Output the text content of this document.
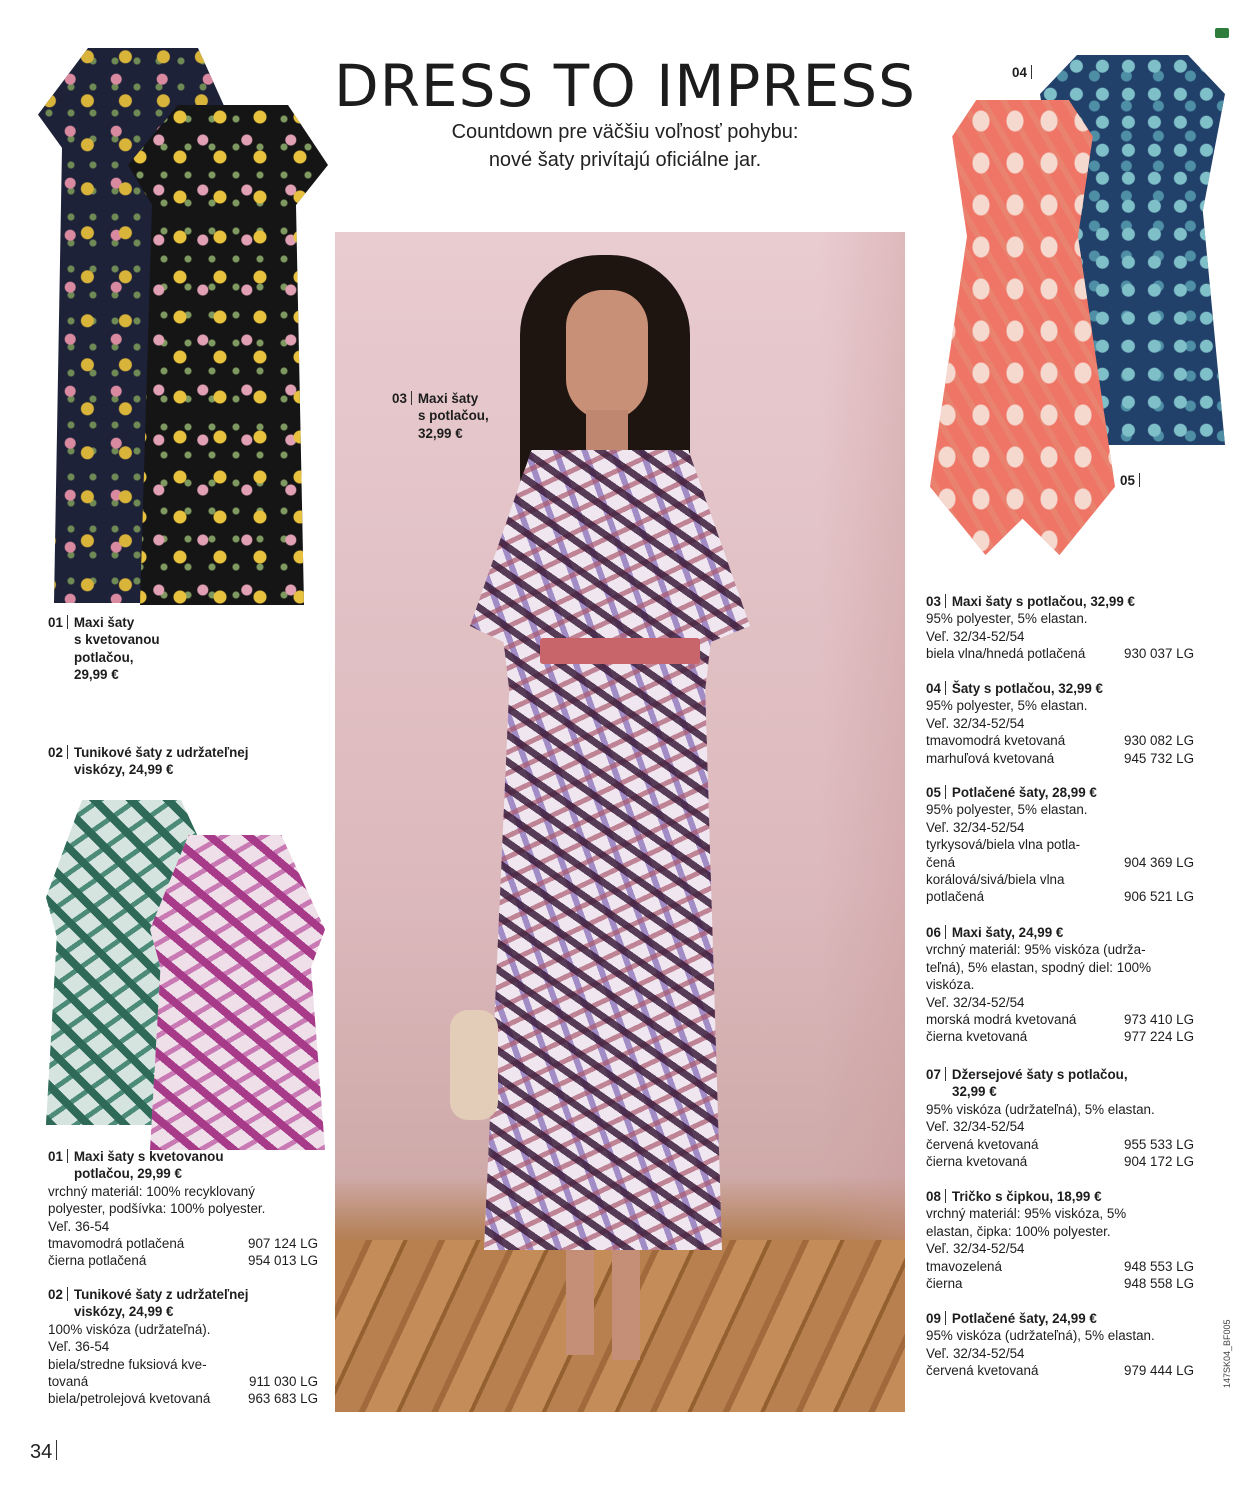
DRESS TO IMPRESS
Countdown pre väčšiu voľnosť pohybu:
nové šaty privítajú oficiálne jar.
01 Maxi šaty
s kvetovanou
potlačou,
29,99 €
02 Tunikové šaty z udržateľnej
viskózy, 24,99 €
03 Maxi šaty
s potlačou,
32,99 €
04
05
01 Maxi šaty s kvetovanou
potlačou, 29,99 €
vrchný materiál: 100% recyklovaný
polyester, podšívka: 100% polyester.
Veľ. 36-54
tmavomodrá potlačená	907 124 LG
čierna potlačená	954 013 LG
02 Tunikové šaty z udržateľnej
viskózy, 24,99 €
100% viskóza (udržateľná).
Veľ. 36-54
biela/stredne fuksiová kve-
tovaná	911 030 LG
biela/petrolejová kvetovaná	963 683 LG
03 Maxi šaty s potlačou, 32,99 €
95% polyester, 5% elastan.
Veľ. 32/34-52/54
biela vlna/hnedá potlačená	930 037 LG
04 Šaty s potlačou, 32,99 €
95% polyester, 5% elastan.
Veľ. 32/34-52/54
tmavomodrá kvetovaná	930 082 LG
marhuľová kvetovaná	945 732 LG
05 Potlačené šaty, 28,99 €
95% polyester, 5% elastan.
Veľ. 32/34-52/54
tyrkysová/biela vlna potla-
čená	904 369 LG
korálová/sivá/biela vlna
potlačená	906 521 LG
06 Maxi šaty, 24,99 €
vrchný materiál: 95% viskóza (udrža-
teľná), 5% elastan, spodný diel: 100%
viskóza.
Veľ. 32/34-52/54
morská modrá kvetovaná	973 410 LG
čierna kvetovaná	977 224 LG
07 Džersejové šaty s potlačou,
32,99 €
95% viskóza (udržateľná), 5% elastan.
Veľ. 32/34-52/54
červená kvetovaná	955 533 LG
čierna kvetovaná	904 172 LG
08 Tričko s čipkou, 18,99 €
vrchný materiál: 95% viskóza, 5%
elastan, čipka: 100% polyester.
Veľ. 32/34-52/54
tmavozelená	948 553 LG
čierna	948 558 LG
09 Potlačené šaty, 24,99 €
95% viskóza (udržateľná), 5% elastan.
Veľ. 32/34-52/54
červená kvetovaná	979 444 LG
34
147SK04_BF005
